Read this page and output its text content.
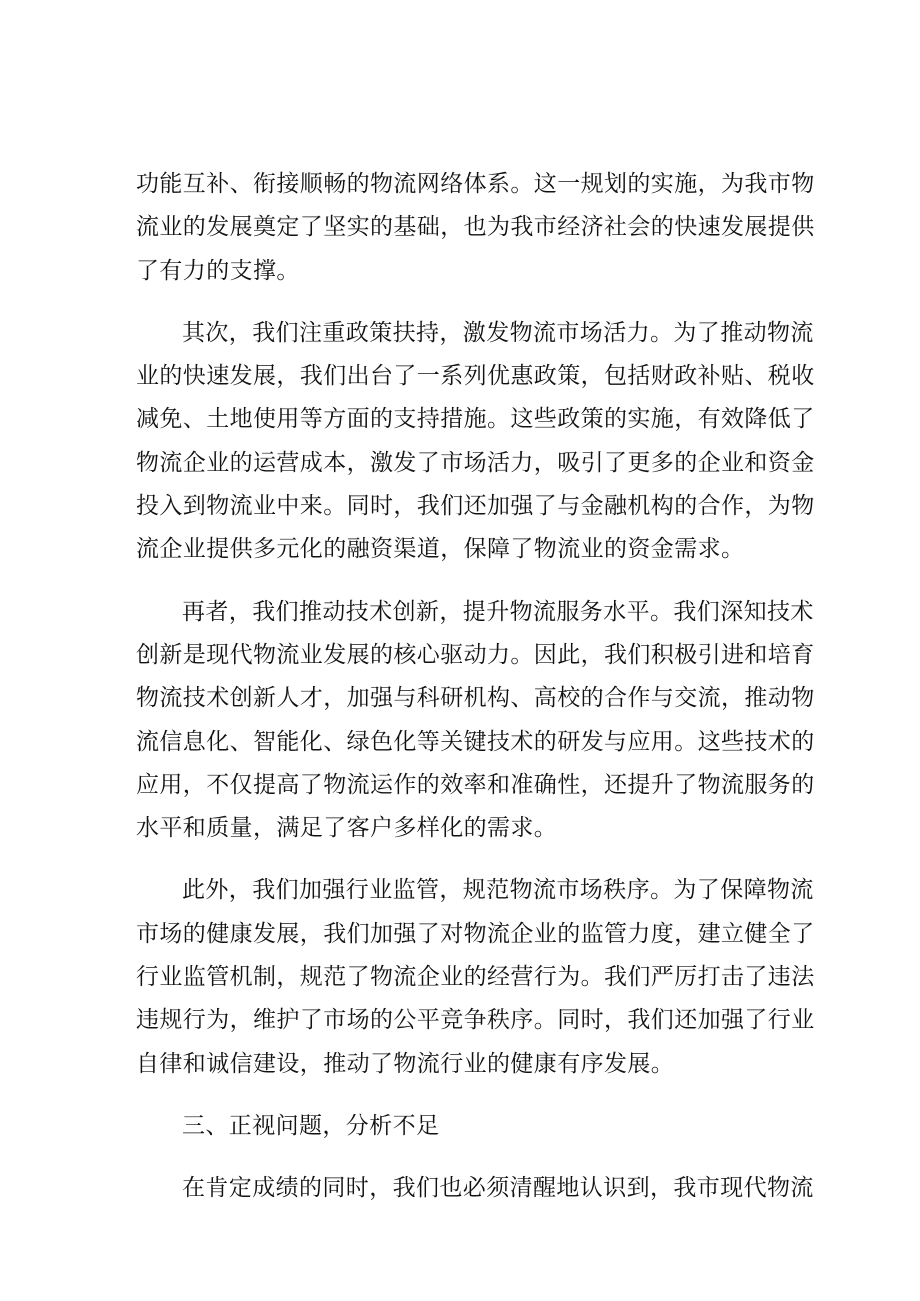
功能互补、衔接顺畅的物流网络体系。这一规划的实施，为我市物
流业的发展奠定了坚实的基础，也为我市经济社会的快速发展提供
了有力的支撑。
其次，我们注重政策扶持，激发物流市场活力。为了推动物流
业的快速发展，我们出台了一系列优惠政策，包括财政补贴、税收
减免、土地使用等方面的支持措施。这些政策的实施，有效降低了
物流企业的运营成本，激发了市场活力，吸引了更多的企业和资金
投入到物流业中来。同时，我们还加强了与金融机构的合作，为物
流企业提供多元化的融资渠道，保障了物流业的资金需求。
再者，我们推动技术创新，提升物流服务水平。我们深知技术
创新是现代物流业发展的核心驱动力。因此，我们积极引进和培育
物流技术创新人才，加强与科研机构、高校的合作与交流，推动物
流信息化、智能化、绿色化等关键技术的研发与应用。这些技术的
应用，不仅提高了物流运作的效率和准确性，还提升了物流服务的
水平和质量，满足了客户多样化的需求。
此外，我们加强行业监管，规范物流市场秩序。为了保障物流
市场的健康发展，我们加强了对物流企业的监管力度，建立健全了
行业监管机制，规范了物流企业的经营行为。我们严厉打击了违法
违规行为，维护了市场的公平竞争秩序。同时，我们还加强了行业
自律和诚信建设，推动了物流行业的健康有序发展。
三、正视问题，分析不足
在肯定成绩的同时，我们也必须清醒地认识到，我市现代物流
